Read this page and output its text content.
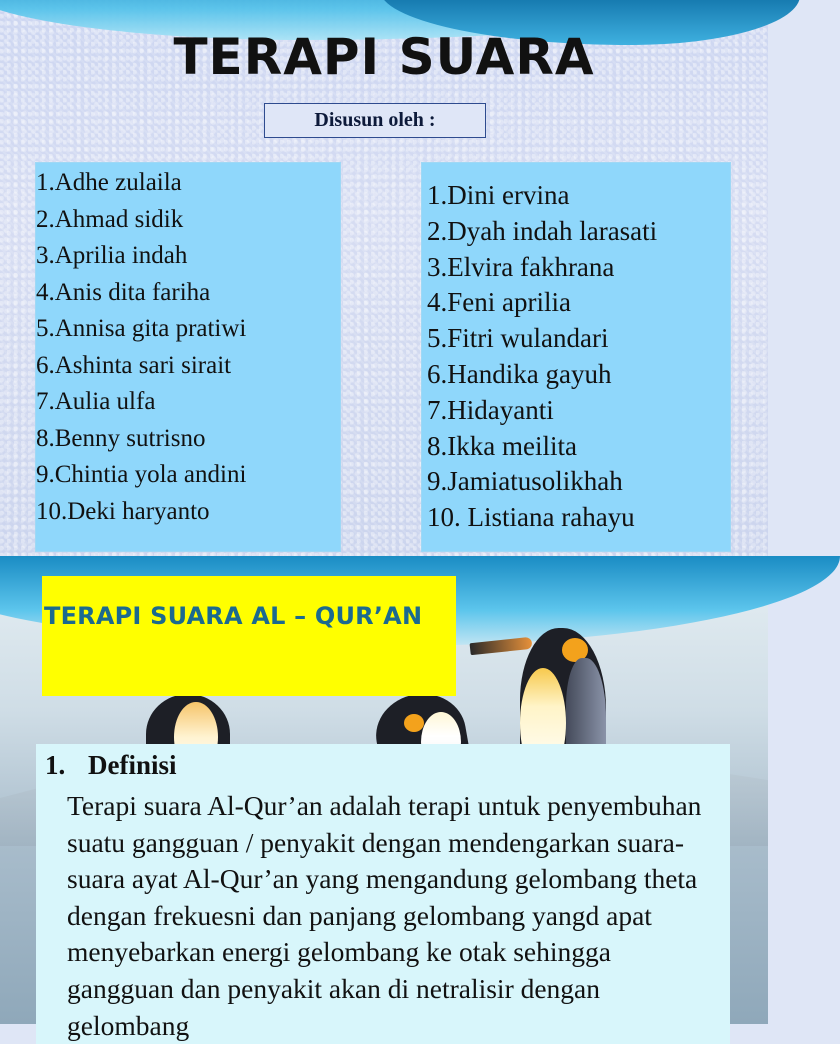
TERAPI SUARA
Disusun oleh :
1.Adhe zulaila
2.Ahmad sidik
3.Aprilia indah
4.Anis dita fariha
5.Annisa gita pratiwi
6.Ashinta sari sirait
7.Aulia ulfa
8.Benny sutrisno
9.Chintia yola andini
10.Deki haryanto
1.Dini ervina
2.Dyah indah larasati
3.Elvira fakhrana
4.Feni aprilia
5.Fitri wulandari
6.Handika gayuh
7.Hidayanti
8.Ikka meilita
9.Jamiatusolikhah
10. Listiana rahayu
TERAPI SUARA AL – QUR’AN
1. Definisi
Terapi suara Al-Qur’an adalah terapi untuk penyembuhan suatu gangguan / penyakit dengan mendengarkan suara-suara ayat Al-Qur’an yang mengandung gelombang theta dengan frekuesni dan panjang gelombang yangd apat menyebarkan energi gelombang ke otak sehingga gangguan dan penyakit akan di netralisir dengan gelombang
